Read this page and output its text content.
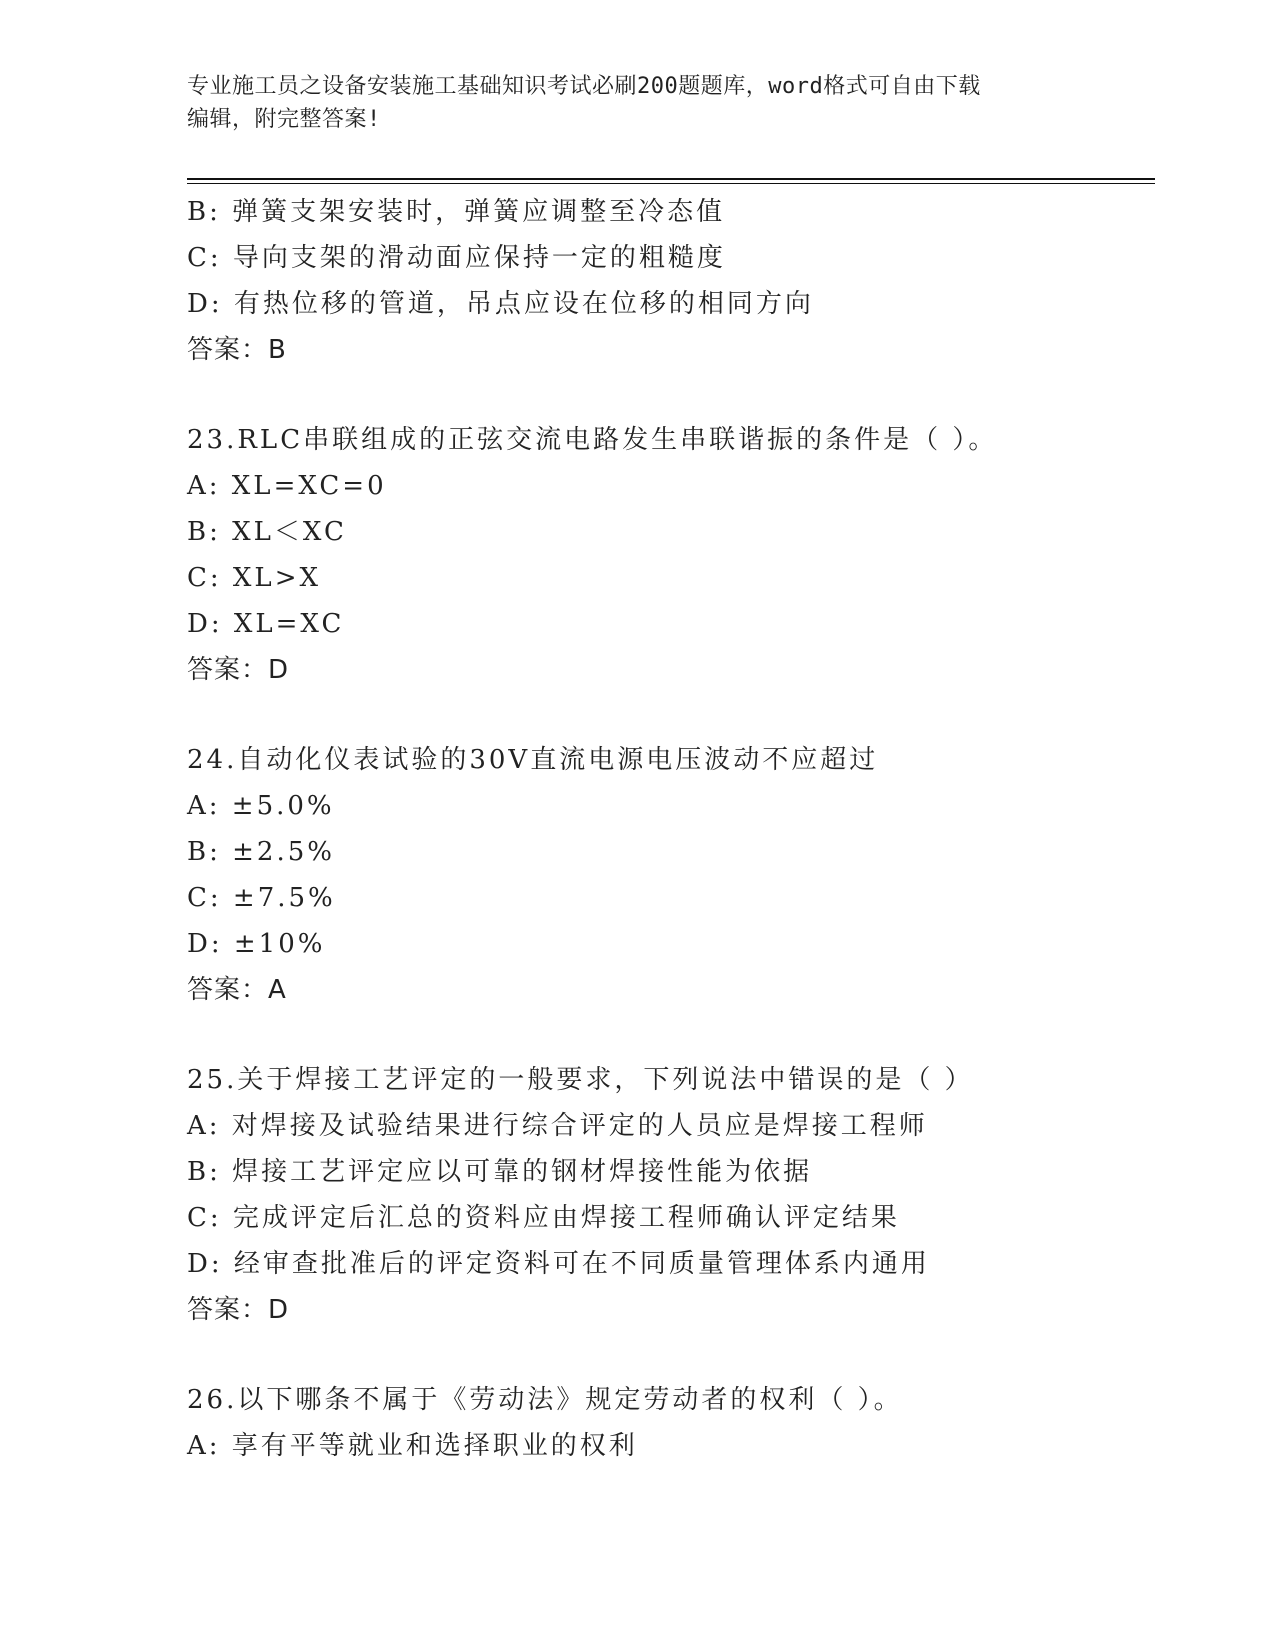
专业施工员之设备安装施工基础知识考试必刷200题题库，word格式可自由下载
编辑，附完整答案!
B: 弹簧支架安装时，弹簧应调整至冷态值
C: 导向支架的滑动面应保持一定的粗糙度
D: 有热位移的管道，吊点应设在位移的相同方向
答案：B
23.RLC串联组成的正弦交流电路发生串联谐振的条件是（ ）。
A: XL=XC=0
B: XL＜XC
C: XL>X
D: XL=XC
答案：D
24.自动化仪表试验的30V直流电源电压波动不应超过
A: ±5.0%
B: ±2.5%
C: ±7.5%
D: ±10%
答案：A
25.关于焊接工艺评定的一般要求，下列说法中错误的是（ ）
A: 对焊接及试验结果进行综合评定的人员应是焊接工程师
B: 焊接工艺评定应以可靠的钢材焊接性能为依据
C: 完成评定后汇总的资料应由焊接工程师确认评定结果
D: 经审查批准后的评定资料可在不同质量管理体系内通用
答案：D
26.以下哪条不属于《劳动法》规定劳动者的权利（ ）。
A: 享有平等就业和选择职业的权利
